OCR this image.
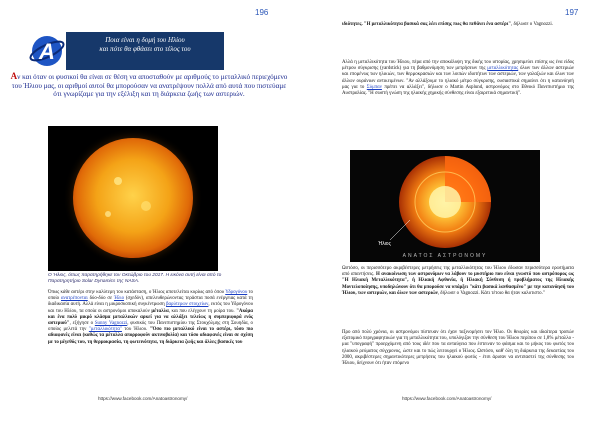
196	197
A	Ποια είναι η δομή του Ηλίου
και πότε θα φθάσει στο τέλος του
Αν και όταν οι φυσικοί θα είναι σε θέση να αποσταθούν με αριθμούς το μεταλλικό περιεχόμενο του Ήλιου μας, οι αριθμοί αυτοί θα μπορούσαν να ανατρέψουν πολλά από αυτά που πιστεύαμε ότι γνωρίζαμε για την εξέλιξη και τη διάρκεια ζωής των αστεριών.
Ο Ήλιος, όπως παρατηρήθηκε τον Οκτώβριο του 2017. Η εικόνα αυτή είναι από το Παρατηρητήριο Solar Dynamics της NASA.
Όπως κάθε αστέρι στην καλύτερη του κατάσταση, ο Ήλιος αποτελείται κυρίως από όπου Υδρογόνου το οποίο ανατρέπονται δύο-δύο σε Ήλιο (σχεδόν), απελευθερώνοντας τεράστια ποσά ενέργειας κατά τη διαδικασία αυτή. Αλλά είναι η μικροσκοπική συγκέντρωση βαρύτερων στοιχείων, εκτός του Υδρογόνου και του Ηλίου, τα οποία οι αστρονόμοι αποκαλούν μέταλλα, και που ελέγχουν τη μοίρα του. "Ακόμα και ένα πολύ μικρό κλάσμα μεταλλικών αρκεί για να αλλάξει τελείως η συμπεριφορά ενός αστεριού", εξήγησε ο Sunny Vagnozzi, φυσικός του Πανεπιστημίου της Στοκχόλμης στη Σουηδία, ο οποίος μελετά την "μεταλλικότητα" του Ήλιου. "Όσο πιο μεταλλικό είναι το αστέρι, τόσο πιο αδιαφανές είναι (καθώς τα μέταλλα απορροφούν ακτινοβολία) και τόσο αδιαφανές είναι σε σχέση με το μέγεθός του, τη θερμοκρασία, τη φωτεινότητα, τη διάρκεια ζωής και άλλες βασικές του
https://www.facebook.com/Anatoastronomy/
ιδιότητες. "Η μεταλλικότητα βασικά σας λέει επίσης πως θα πεθάνει ένα αστέρι", δήλωσε ο Vagnozzi.
Αλλά η μεταλλικότητα του Ήλιου, πέρα από την αποκάλυψη της δικής του ιστορίας, χρησιμεύει επίσης ως ένα είδος μέτρου σύγκρισης (yardstick) για τη βαθμονόμηση των μετρήσεων της μεταλλικότητας όλων των άλλων αστεριών και επομένως των ηλικιών, των θερμοκρασιών και των λοιπών ιδιοτήτων των αστεριών, των γαλαξιών και όλων των άλλων ουράνιων αντικειμένων. "Αν αλλάξουμε το ηλιακό μέτρο σύγκρισης, ουσιαστικά σημαίνει ότι η κατανόησή μας για το Σύμπαν πρέπει να αλλάξει", δήλωσε ο Martin Asplund, αστρονόμος στο Εθνικό Πανεπιστήμιο της Αυστραλίας. "Η σωστή γνώση της ηλιακής χημικής σύνθεσης είναι εξαιρετικά σημαντική".
Ήλιος
ΑΝΑΤΟΣ ΑΣΤΡΟΝΟΜΥ
Ωστόσο, οι περισσότερο ακριβέστερες μετρήσεις της μεταλλικότητας του Ήλιου έδωσαν περισσότερα ερωτήματα από απαντήσεις. Η ανακοίνωση των αστρονόμων να λάβουν το μυστήριο που είναι γνωστό που αστρόπορος ως "Η Ηλιακή Μεταλλικότητα", ή Ηλιακή Αφθονία, ή Ηλιακή Σύνθεση ή προβλήματος της Ηλιακής Μοντελοποίησης, υποδηλώνουν ότι θα μπορούσε να υπάρξει "κάτι βασικά λανθασμένο" με την κατανόησή του Ήλιου, των αστεριών, και όλων των αστεριών, δήλωσε ο Vagnozzi. Κάτι τέτοιο θα ήταν καλοτιστο."
Προ από πολύ χρόνια, οι αστρονόμοι πίστευαν ότι έχαν ταξινομήσει τον Ήλιο. Οι θεωρίες και ιδιαίτερα τροπών εξατομικό περιγραφητικών για τη μεταλλικότητα του, υπολόγιζαν την σύνθεση του Ήλιου περίπου σε 1,8% μέταλλο - μια "υπογραφή" προερχόμενη από τους ιδέε που τα ανταύγεια που έστειναν το φάσμα και το μήκος του φωτός του ηλιακού ρεύματος σύγχρονος, ώστε και το πώς λειτουργεί ο Ήλιος. Ωστόσο, καθ' όλη τη διάρκεια της δεκαετίας του 2000, ακριβέστερες σημαντικότερες μετρήσεις του ηλιακού φωτός - έτσι άρισαν να αντιπαστεί της σύνθεσης του Ήλιου, δείχνουν ότι ήταν επόμενο
https://www.facebook.com/Anatoastronomy/
